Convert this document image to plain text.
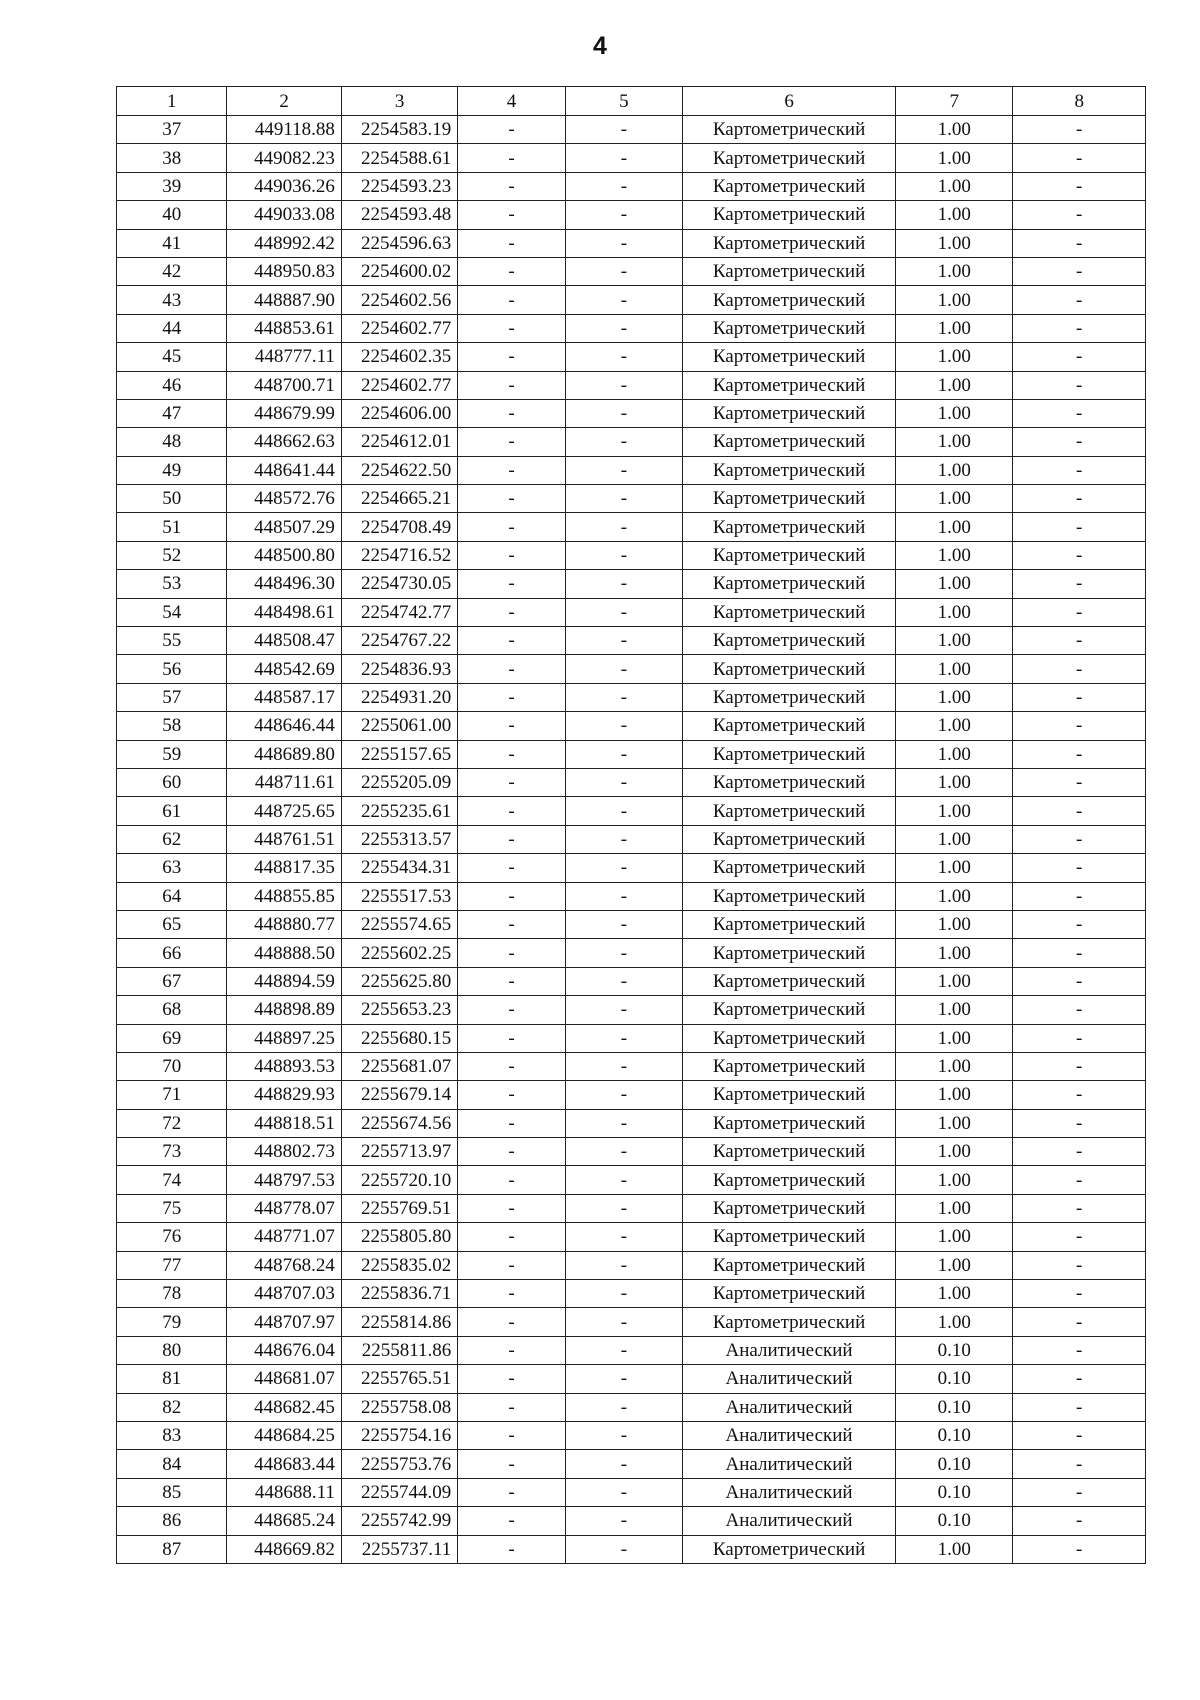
4
1	2	3	4	5	6	7	8
37	449118.88	2254583.19	-	-	Картометрический	1.00	-
38	449082.23	2254588.61	-	-	Картометрический	1.00	-
39	449036.26	2254593.23	-	-	Картометрический	1.00	-
40	449033.08	2254593.48	-	-	Картометрический	1.00	-
41	448992.42	2254596.63	-	-	Картометрический	1.00	-
42	448950.83	2254600.02	-	-	Картометрический	1.00	-
43	448887.90	2254602.56	-	-	Картометрический	1.00	-
44	448853.61	2254602.77	-	-	Картометрический	1.00	-
45	448777.11	2254602.35	-	-	Картометрический	1.00	-
46	448700.71	2254602.77	-	-	Картометрический	1.00	-
47	448679.99	2254606.00	-	-	Картометрический	1.00	-
48	448662.63	2254612.01	-	-	Картометрический	1.00	-
49	448641.44	2254622.50	-	-	Картометрический	1.00	-
50	448572.76	2254665.21	-	-	Картометрический	1.00	-
51	448507.29	2254708.49	-	-	Картометрический	1.00	-
52	448500.80	2254716.52	-	-	Картометрический	1.00	-
53	448496.30	2254730.05	-	-	Картометрический	1.00	-
54	448498.61	2254742.77	-	-	Картометрический	1.00	-
55	448508.47	2254767.22	-	-	Картометрический	1.00	-
56	448542.69	2254836.93	-	-	Картометрический	1.00	-
57	448587.17	2254931.20	-	-	Картометрический	1.00	-
58	448646.44	2255061.00	-	-	Картометрический	1.00	-
59	448689.80	2255157.65	-	-	Картометрический	1.00	-
60	448711.61	2255205.09	-	-	Картометрический	1.00	-
61	448725.65	2255235.61	-	-	Картометрический	1.00	-
62	448761.51	2255313.57	-	-	Картометрический	1.00	-
63	448817.35	2255434.31	-	-	Картометрический	1.00	-
64	448855.85	2255517.53	-	-	Картометрический	1.00	-
65	448880.77	2255574.65	-	-	Картометрический	1.00	-
66	448888.50	2255602.25	-	-	Картометрический	1.00	-
67	448894.59	2255625.80	-	-	Картометрический	1.00	-
68	448898.89	2255653.23	-	-	Картометрический	1.00	-
69	448897.25	2255680.15	-	-	Картометрический	1.00	-
70	448893.53	2255681.07	-	-	Картометрический	1.00	-
71	448829.93	2255679.14	-	-	Картометрический	1.00	-
72	448818.51	2255674.56	-	-	Картометрический	1.00	-
73	448802.73	2255713.97	-	-	Картометрический	1.00	-
74	448797.53	2255720.10	-	-	Картометрический	1.00	-
75	448778.07	2255769.51	-	-	Картометрический	1.00	-
76	448771.07	2255805.80	-	-	Картометрический	1.00	-
77	448768.24	2255835.02	-	-	Картометрический	1.00	-
78	448707.03	2255836.71	-	-	Картометрический	1.00	-
79	448707.97	2255814.86	-	-	Картометрический	1.00	-
80	448676.04	2255811.86	-	-	Аналитический	0.10	-
81	448681.07	2255765.51	-	-	Аналитический	0.10	-
82	448682.45	2255758.08	-	-	Аналитический	0.10	-
83	448684.25	2255754.16	-	-	Аналитический	0.10	-
84	448683.44	2255753.76	-	-	Аналитический	0.10	-
85	448688.11	2255744.09	-	-	Аналитический	0.10	-
86	448685.24	2255742.99	-	-	Аналитический	0.10	-
87	448669.82	2255737.11	-	-	Картометрический	1.00	-
